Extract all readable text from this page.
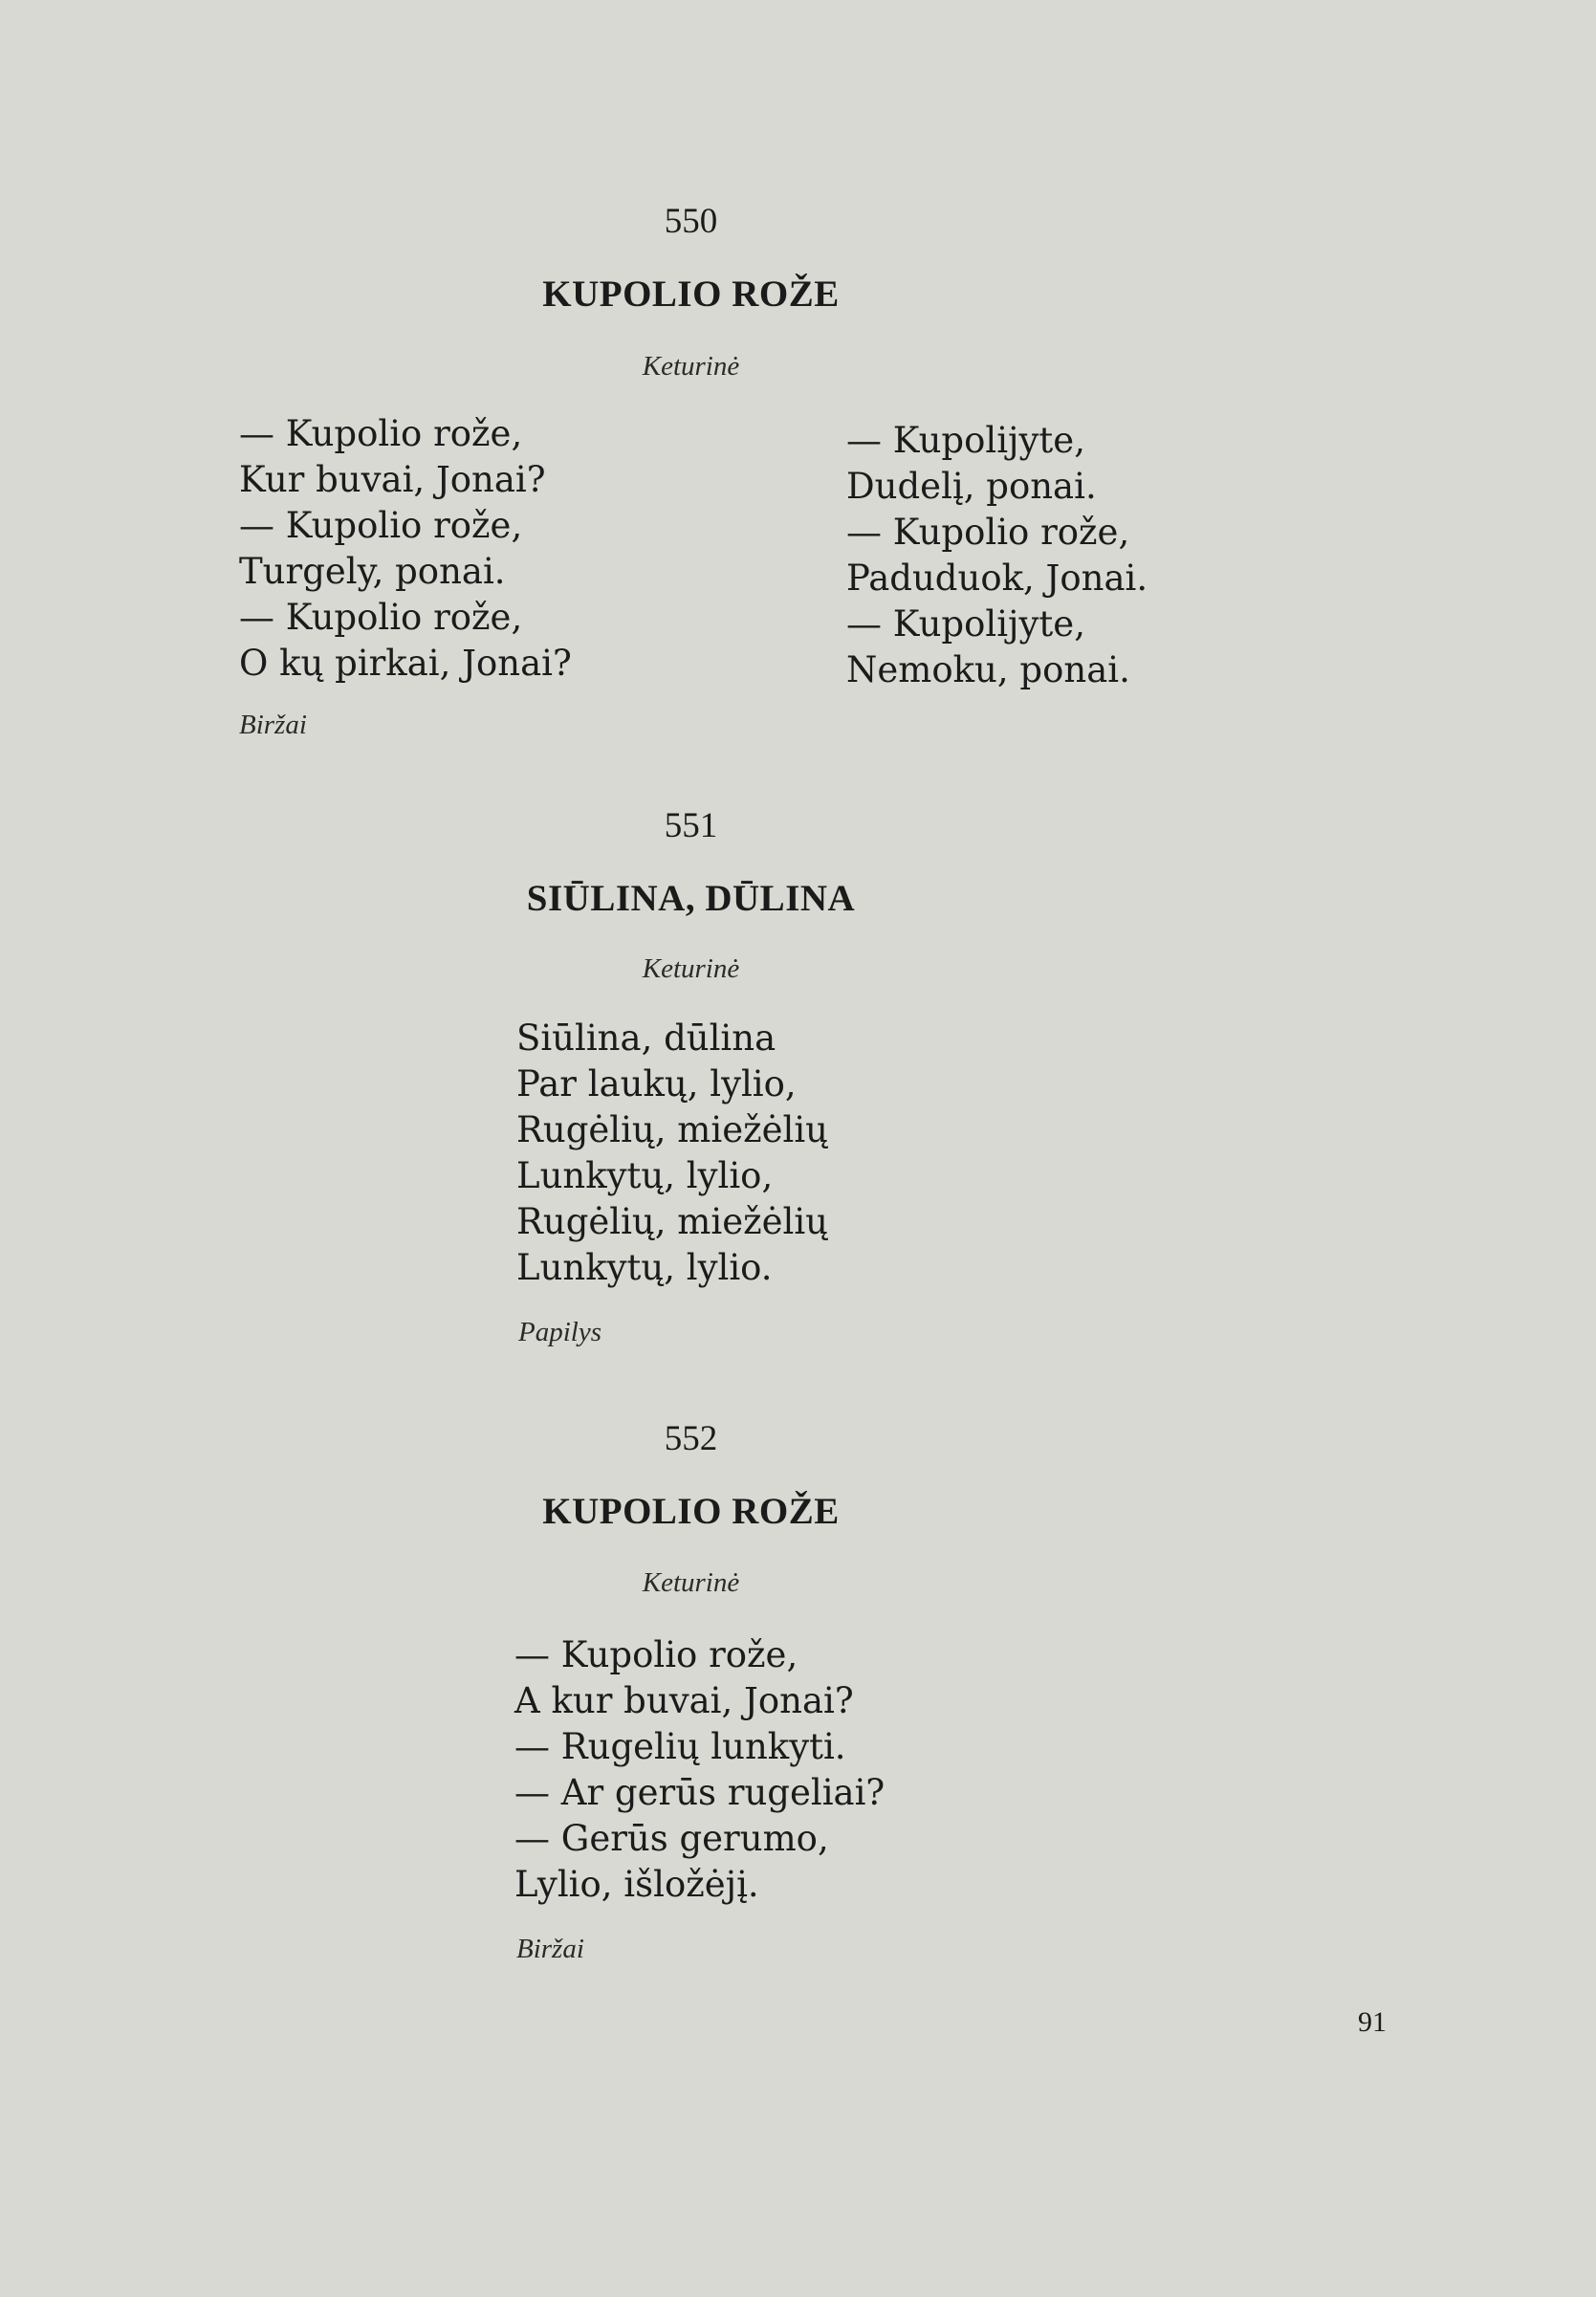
550
KUPOLIO ROŽE
Keturinė
— Kupolio rože,
Kur buvai, Jonai?
— Kupolio rože,
Turgely, ponai.
— Kupolio rože,
O kų pirkai, Jonai?
— Kupolijyte,
Dudelį, ponai.
— Kupolio rože,
Paduduok, Jonai.
— Kupolijyte,
Nemoku, ponai.
Biržai
551
SIŪLINA, DŪLINA
Keturinė
Siūlina, dūlina
Par laukų, lylio,
Rugėlių, miežėlių
Lunkytų, lylio,
Rugėlių, miežėlių
Lunkytų, lylio.
Papilys
552
KUPOLIO ROŽE
Keturinė
— Kupolio rože,
A kur buvai, Jonai?
— Rugelių lunkyti.
— Ar gerūs rugeliai?
— Gerūs gerumo,
Lylio, išložėjį.
Biržai
91
